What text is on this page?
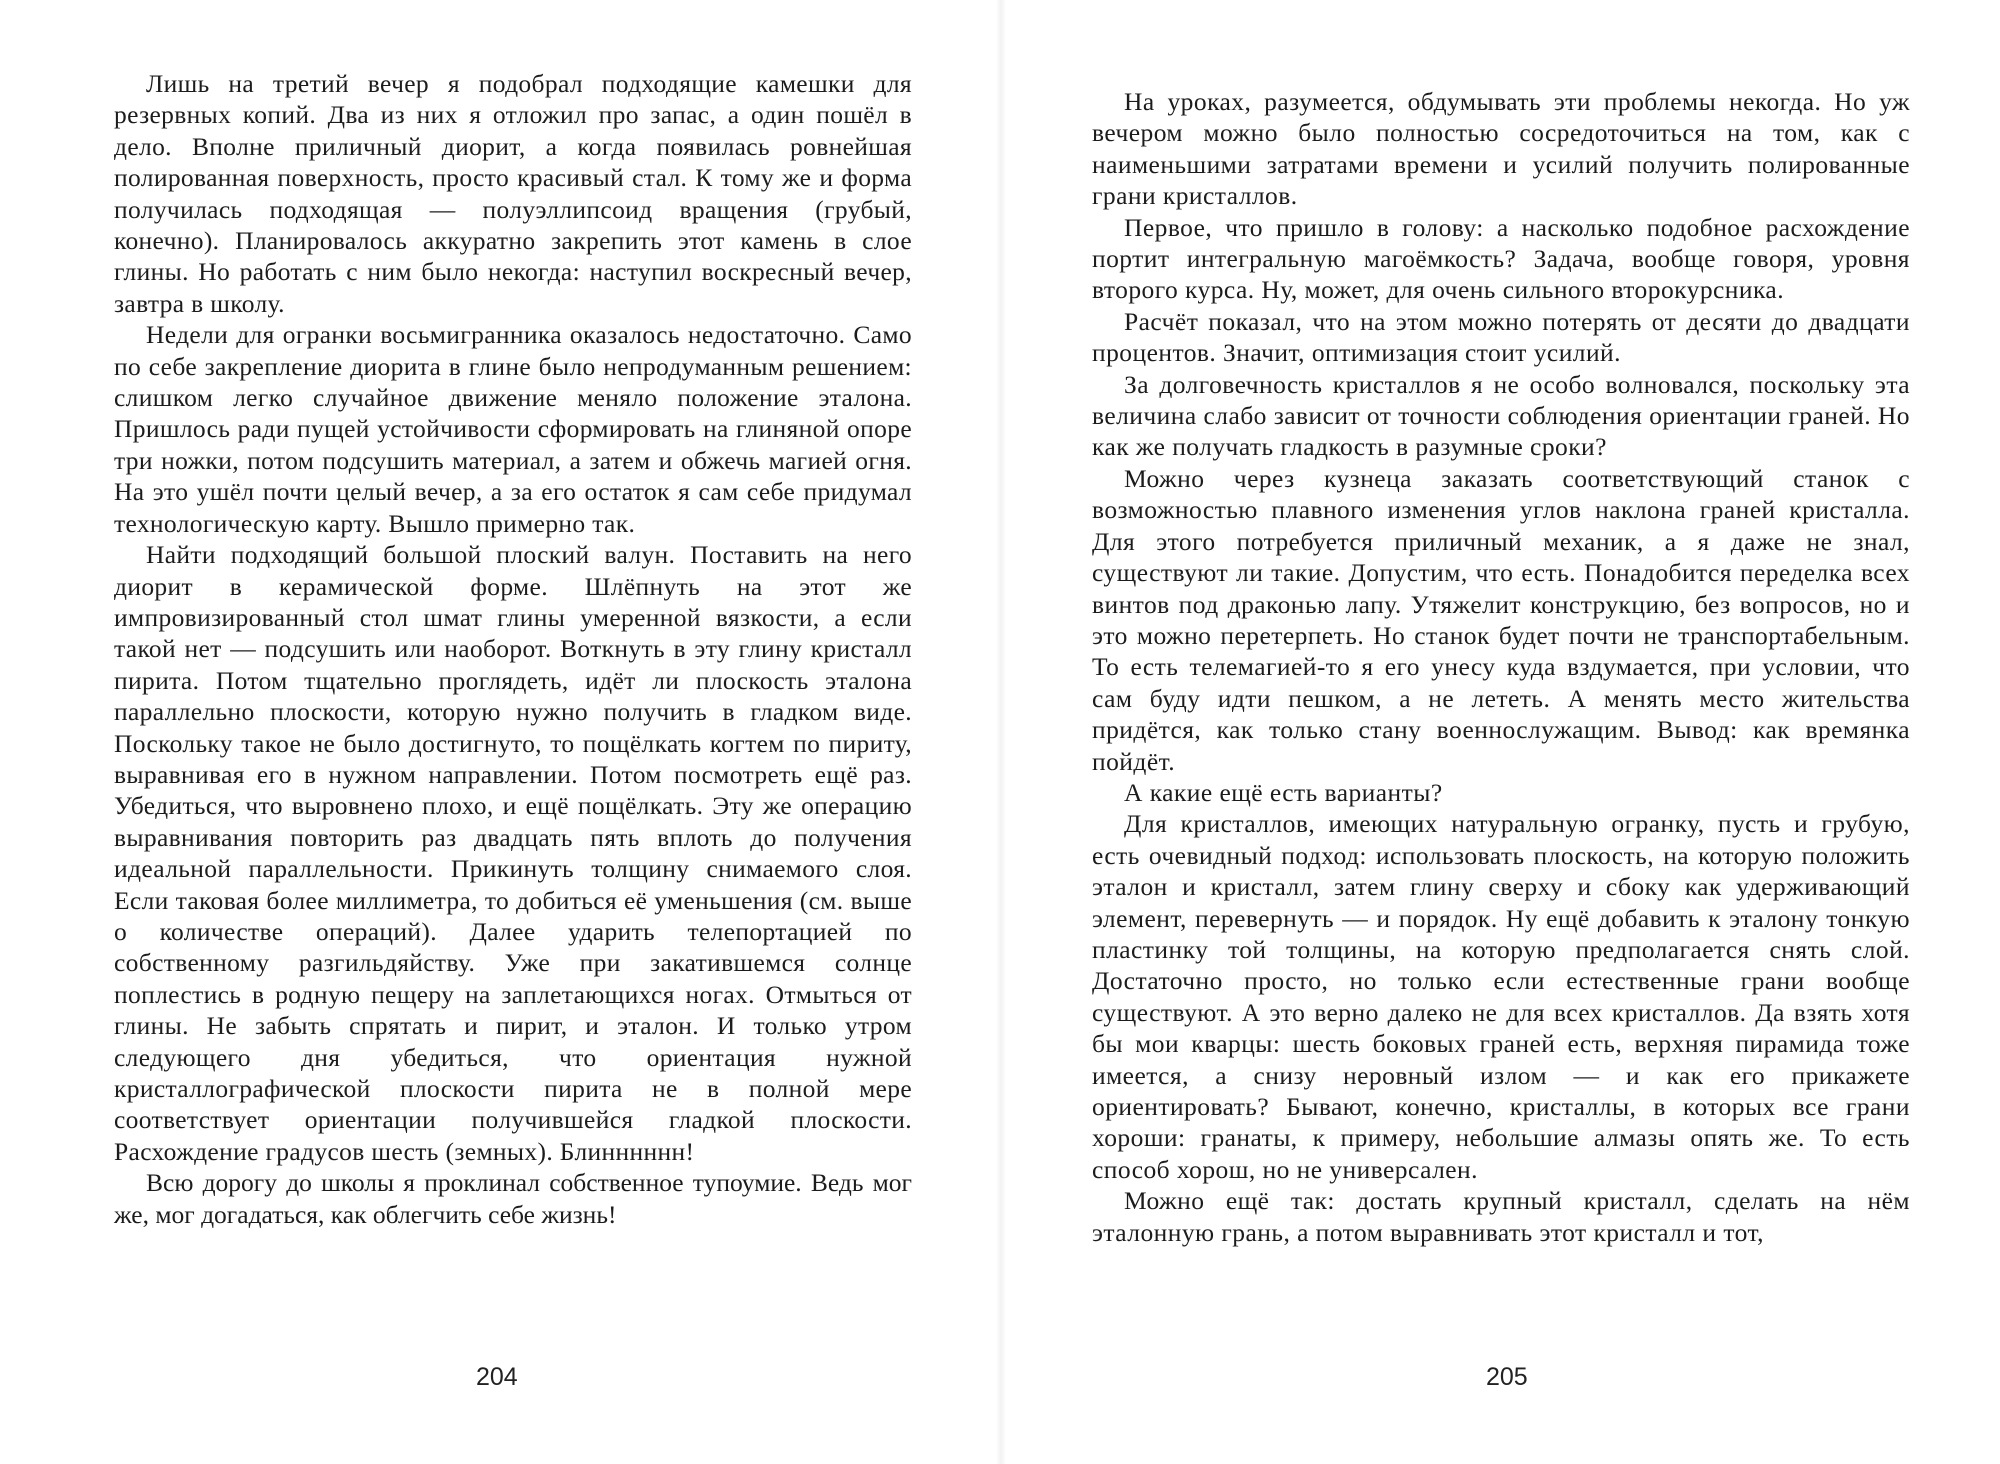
Лишь на третий вечер я подобрал подходящие камешки для резервных копий. Два из них я отложил про запас, а один пошёл в дело. Вполне приличный диорит, а когда появилась ровнейшая полированная поверхность, просто красивый стал. К тому же и форма получилась подходящая — полуэллипсоид вращения (грубый, конечно). Планировалось аккуратно закрепить этот камень в слое глины. Но работать с ним было некогда: наступил воскресный вечер, завтра в школу.

Недели для огранки восьмигранника оказалось недостаточно. Само по себе закрепление диорита в глине было непродуманным решением: слишком легко случайное движение меняло положение эталона. Пришлось ради пущей устойчивости сформировать на глиняной опоре три ножки, потом подсушить материал, а затем и обжечь магией огня. На это ушёл почти целый вечер, а за его остаток я сам себе придумал технологическую карту. Вышло примерно так.

Найти подходящий большой плоский валун. Поставить на него диорит в керамической форме. Шлёпнуть на этот же импровизированный стол шмат глины умеренной вязкости, а если такой нет — подсушить или наоборот. Воткнуть в эту глину кристалл пирита. Потом тщательно проглядеть, идёт ли плоскость эталона параллельно плоскости, которую нужно получить в гладком виде. Поскольку такое не было достигнуто, то пощёлкать когтем по пириту, выравнивая его в нужном направлении. Потом посмотреть ещё раз. Убедиться, что выровнено плохо, и ещё пощёлкать. Эту же операцию выравнивания повторить раз двадцать пять вплоть до получения идеальной параллельности. Прикинуть толщину снимаемого слоя. Если таковая более миллиметра, то добиться её уменьшения (см. выше о количестве операций). Далее ударить телепортацией по собственному разгильдяйству. Уже при закатившемся солнце поплестись в родную пещеру на заплетающихся ногах. Отмыться от глины. Не забыть спрятать и пирит, и эталон. И только утром следующего дня убедиться, что ориентация нужной кристаллографической плоскости пирита не в полной мере соответствует ориентации получившейся гладкой плоскости. Расхождение градусов шесть (земных). Блинннннн!

Всю дорогу до школы я проклинал собственное тупоумие. Ведь мог же, мог догадаться, как облегчить себе жизнь!

На уроках, разумеется, обдумывать эти проблемы некогда. Но уж вечером можно было полностью сосредоточиться на том, как с наименьшими затратами времени и усилий получить полированные грани кристаллов.

Первое, что пришло в голову: а насколько подобное расхождение портит интегральную магоёмкость? Задача, вообще говоря, уровня второго курса. Ну, может, для очень сильного второкурсника.

Расчёт показал, что на этом можно потерять от десяти до двадцати процентов. Значит, оптимизация стоит усилий.

За долговечность кристаллов я не особо волновался, поскольку эта величина слабо зависит от точности соблюдения ориентации граней. Но как же получать гладкость в разумные сроки?

Можно через кузнеца заказать соответствующий станок с возможностью плавного изменения углов наклона граней кристалла. Для этого потребуется приличный механик, а я даже не знал, существуют ли такие. Допустим, что есть. Понадобится переделка всех винтов под драконью лапу. Утяжелит конструкцию, без вопросов, но и это можно перетерпеть. Но станок будет почти не транспортабельным. То есть телемагией-то я его унесу куда вздумается, при условии, что сам буду идти пешком, а не лететь. А менять место жительства придётся, как только стану военнослужащим. Вывод: как времянка пойдёт.

А какие ещё есть варианты?

Для кристаллов, имеющих натуральную огранку, пусть и грубую, есть очевидный подход: использовать плоскость, на которую положить эталон и кристалл, затем глину сверху и сбоку как удерживающий элемент, перевернуть — и порядок. Ну ещё добавить к эталону тонкую пластинку той толщины, на которую предполагается снять слой. Достаточно просто, но только если естественные грани вообще существуют. А это верно далеко не для всех кристаллов. Да взять хотя бы мои кварцы: шесть боковых граней есть, верхняя пирамида тоже имеется, а снизу неровный излом — и как его прикажете ориентировать? Бывают, конечно, кристаллы, в которых все грани хороши: гранаты, к примеру, небольшие алмазы опять же. То есть способ хорош, но не универсален.

Можно ещё так: достать крупный кристалл, сделать на нём эталонную грань, а потом выравнивать этот кристалл и тот,

204	205
